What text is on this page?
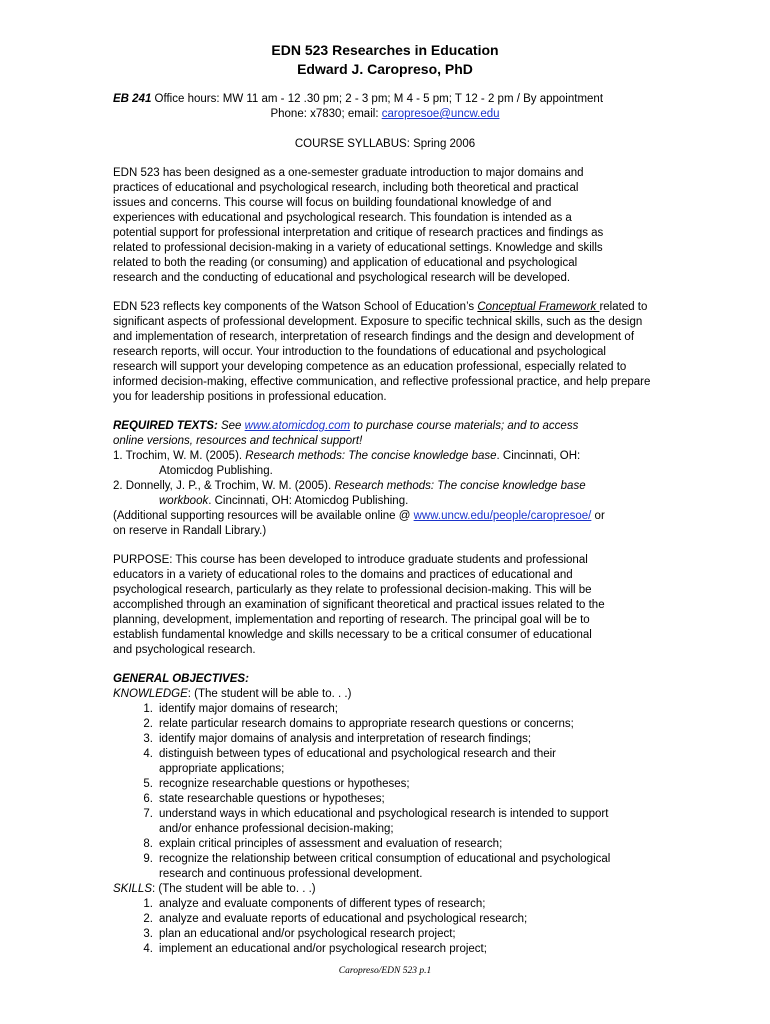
EDN 523 Researches in Education
Edward J. Caropreso, PhD
EB 241 Office hours: MW 11 am - 12 .30 pm; 2 - 3 pm; M 4 - 5 pm; T 12 - 2 pm / By appointment
Phone: x7830; email: caropresoe@uncw.edu
COURSE SYLLABUS: Spring 2006
EDN 523 has been designed as a one-semester graduate introduction to major domains and
practices of educational and psychological research, including both theoretical and practical
issues and concerns. This course will focus on building foundational knowledge of and
experiences with educational and psychological research. This foundation is intended as a
potential support for professional interpretation and critique of research practices and findings as
related to professional decision-making in a variety of educational settings. Knowledge and skills
related to both the reading (or consuming) and application of educational and psychological
research and the conducting of educational and psychological research will be developed.
EDN 523 reflects key components of the Watson School of Education’s Conceptual Framework related to
significant aspects of professional development. Exposure to specific technical skills, such as the design
and implementation of research, interpretation of research findings and the design and development of
research reports, will occur. Your introduction to the foundations of educational and psychological
research will support your developing competence as an education professional, especially related to
informed decision-making, effective communication, and reflective professional practice, and help prepare
you for leadership positions in professional education.
REQUIRED TEXTS: See www.atomicdog.com to purchase course materials; and to access
online versions, resources and technical support!
1. Trochim, W. M. (2005). Research methods: The concise knowledge base. Cincinnati, OH:
Atomicdog Publishing.
2. Donnelly, J. P., & Trochim, W. M. (2005). Research methods: The concise knowledge base
workbook. Cincinnati, OH: Atomicdog Publishing.
(Additional supporting resources will be available online @ www.uncw.edu/people/caropresoe/ or
on reserve in Randall Library.)
PURPOSE: This course has been developed to introduce graduate students and professional
educators in a variety of educational roles to the domains and practices of educational and
psychological research, particularly as they relate to professional decision-making. This will be
accomplished through an examination of significant theoretical and practical issues related to the
planning, development, implementation and reporting of research. The principal goal will be to
establish fundamental knowledge and skills necessary to be a critical consumer of educational
and psychological research.
GENERAL OBJECTIVES:
KNOWLEDGE: (The student will be able to. . .)
1. identify major domains of research;
2. relate particular research domains to appropriate research questions or concerns;
3. identify major domains of analysis and interpretation of research findings;
4. distinguish between types of educational and psychological research and their
appropriate applications;
5. recognize researchable questions or hypotheses;
6. state researchable questions or hypotheses;
7. understand ways in which educational and psychological research is intended to support
and/or enhance professional decision-making;
8. explain critical principles of assessment and evaluation of research;
9. recognize the relationship between critical consumption of educational and psychological
research and continuous professional development.
SKILLS: (The student will be able to. . .)
1. analyze and evaluate components of different types of research;
2. analyze and evaluate reports of educational and psychological research;
3. plan an educational and/or psychological research project;
4. implement an educational and/or psychological research project;
Caropreso/EDN 523 p.1
